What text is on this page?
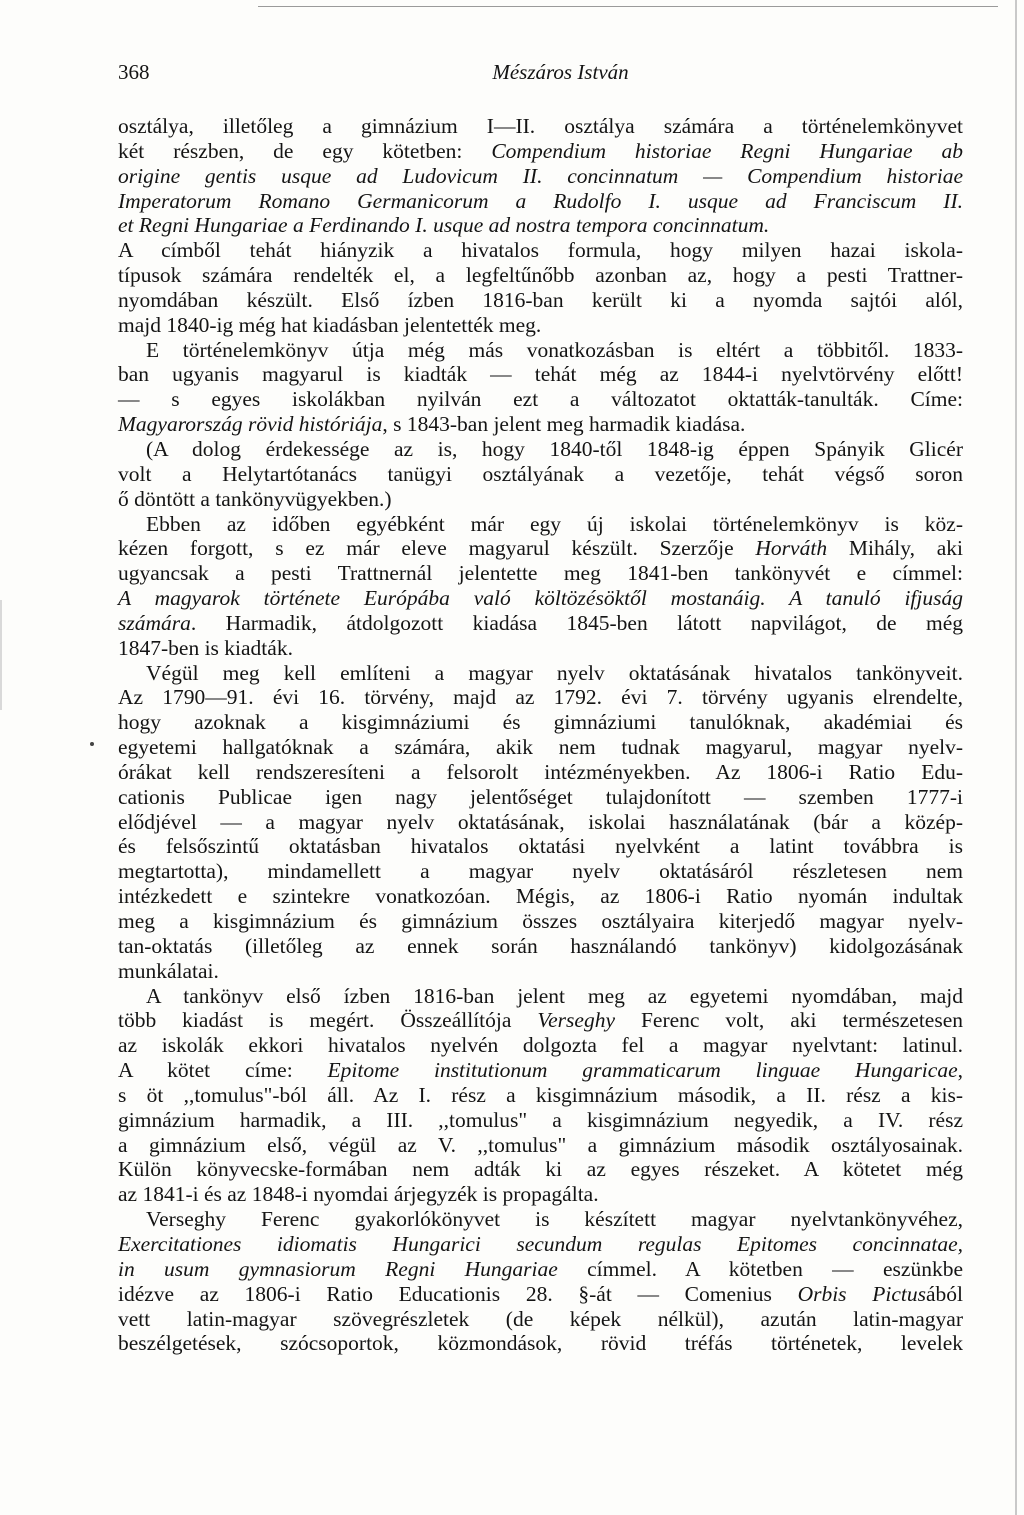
368	Mészáros István
osztálya, illetőleg a gimnázium I—II. osztálya számára a történelemkönyvet
két részben, de egy kötetben: Compendium historiae Regni Hungariae ab
origine gentis usque ad Ludovicum II. concinnatum — Compendium historiae
Imperatorum Romano Germanicorum a Rudolfo I. usque ad Franciscum II.
et Regni Hungariae a Ferdinando I. usque ad nostra tempora concinnatum.
A címből tehát hiányzik a hivatalos formula, hogy milyen hazai iskola-
típusok számára rendelték el, a legfeltűnőbb azonban az, hogy a pesti Trattner-
nyomdában készült. Első ízben 1816-ban került ki a nyomda sajtói alól,
majd 1840-ig még hat kiadásban jelentették meg.
E történelemkönyv útja még más vonatkozásban is eltért a többitől. 1833-
ban ugyanis magyarul is kiadták — tehát még az 1844-i nyelvtörvény előtt!
— s egyes iskolákban nyilván ezt a változatot oktatták-tanulták. Címe:
Magyarország rövid históriája, s 1843-ban jelent meg harmadik kiadása.
(A dolog érdekessége az is, hogy 1840-től 1848-ig éppen Spányik Glicér
volt a Helytartótanács tanügyi osztályának a vezetője, tehát végső soron
ő döntött a tankönyvügyekben.)
Ebben az időben egyébként már egy új iskolai történelemkönyv is köz-
kézen forgott, s ez már eleve magyarul készült. Szerzője Horváth Mihály, aki
ugyancsak a pesti Trattnernál jelentette meg 1841-ben tankönyvét e címmel:
A magyarok története Európába való költözésöktől mostanáig. A tanuló ifjuság
számára. Harmadik, átdolgozott kiadása 1845-ben látott napvilágot, de még
1847-ben is kiadták.
Végül meg kell említeni a magyar nyelv oktatásának hivatalos tankönyveit.
Az 1790—91. évi 16. törvény, majd az 1792. évi 7. törvény ugyanis elrendelte,
hogy azoknak a kisgimnáziumi és gimnáziumi tanulóknak, akadémiai és
egyetemi hallgatóknak a számára, akik nem tudnak magyarul, magyar nyelv-
órákat kell rendszeresíteni a felsorolt intézményekben. Az 1806-i Ratio Edu-
cationis Publicae igen nagy jelentőséget tulajdonított — szemben 1777-i
elődjével — a magyar nyelv oktatásának, iskolai használatának (bár a közép-
és felsőszintű oktatásban hivatalos oktatási nyelvként a latint továbbra is
megtartotta), mindamellett a magyar nyelv oktatásáról részletesen nem
intézkedett e szintekre vonatkozóan. Mégis, az 1806-i Ratio nyomán indultak
meg a kisgimnázium és gimnázium összes osztályaira kiterjedő magyar nyelv-
tan-oktatás (illetőleg az ennek során használandó tankönyv) kidolgozásának
munkálatai.
A tankönyv első ízben 1816-ban jelent meg az egyetemi nyomdában, majd
több kiadást is megért. Összeállítója Verseghy Ferenc volt, aki természetesen
az iskolák ekkori hivatalos nyelvén dolgozta fel a magyar nyelvtant: latinul.
A kötet címe: Epitome institutionum grammaticarum linguae Hungaricae,
s öt ,,tomulus"-ból áll. Az I. rész a kisgimnázium második, a II. rész a kis-
gimnázium harmadik, a III. ,,tomulus" a kisgimnázium negyedik, a IV. rész
a gimnázium első, végül az V. ,,tomulus" a gimnázium második osztályosainak.
Külön könyvecske-formában nem adták ki az egyes részeket. A kötetet még
az 1841-i és az 1848-i nyomdai árjegyzék is propagálta.
Verseghy Ferenc gyakorlókönyvet is készített magyar nyelvtankönyvéhez,
Exercitationes idiomatis Hungarici secundum regulas Epitomes concinnatae,
in usum gymnasiorum Regni Hungariae címmel. A kötetben — eszünkbe
idézve az 1806-i Ratio Educationis 28. §-át — Comenius Orbis Pictusából
vett latin-magyar szövegrészletek (de képek nélkül), azután latin-magyar
beszélgetések, szócsoportok, közmondások, rövid tréfás történetek, levelek
